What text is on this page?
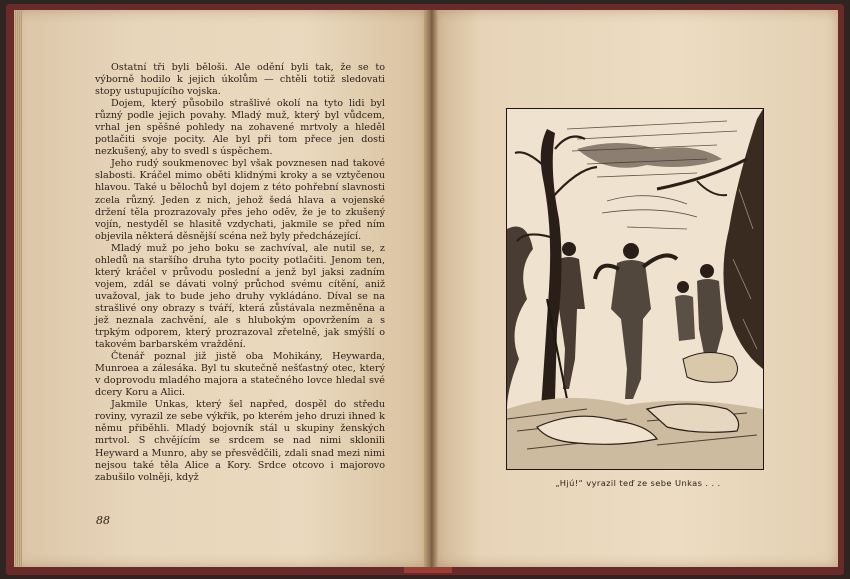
Ostatní tři byli běloši. Ale odění byli tak, že se to výborně hodilo k jejich úkolům — chtěli totiž sledovati stopy ustupujícího vojska.

Dojem, který působilo strašlivé okolí na tyto lidi byl různý podle jejich povahy. Mladý muž, který byl vůdcem, vrhal jen spěšné pohledy na zohavené mrtvoly a hleděl potlačiti svoje pocity. Ale byl při tom přece jen dosti nezkušený, aby to svedl s úspěchem.

Jeho rudý soukmenovec byl však povznesen nad takové slabosti. Kráčel mimo oběti klidnými kroky a se vztyčenou hlavou. Také u bělochů byl dojem z této pohřební slavnosti zcela různý. Jeden z nich, jehož šedá hlava a vojenské držení těla prozrazovaly přes jeho oděv, že je to zkušený vojín, nestyděl se hlasitě vzdychati, jakmile se před ním objevila některá děsnější scéna než byly předcházející.

Mladý muž po jeho boku se zachvíval, ale nutil se, z ohledů na staršího druha tyto pocity potlačiti. Jenom ten, který kráčel v průvodu poslední a jenž byl jaksi zadním vojem, zdál se dávati volný průchod svému cítění, aniž uvažoval, jak to bude jeho druhy vykládáno. Díval se na strašlivé ony obrazy s tváří, která zůstávala nezměněna a jež neznala zachvění, ale s hlubokým opovržením a s trpkým odporem, který prozrazoval zřetelně, jak smýšlí o takovém barbarském vraždění.

Čtenář poznal již jistě oba Mohikány, Heywarda, Munroea a zálesáka. Byl tu skutečně nešťastný otec, který v doprovodu mladého majora a statečného lovce hledal své dcery Koru a Alici.

Jakmile Unkas, který šel napřed, dospěl do středu roviny, vyrazil ze sebe výkřik, po kterém jeho druzi ihned k němu přiběhli. Mladý bojovník stál u skupiny ženských mrtvol. S chvějícím se srdcem se nad nimi sklonili Heyward a Munro, aby se přesvědčili, zdali snad mezi nimi nejsou také těla Alice a Kory. Srdce otcovo i majorovo zabušilo volněji, když

88
„Hjú!“ vyrazil teď ze sebe Unkas . . .
